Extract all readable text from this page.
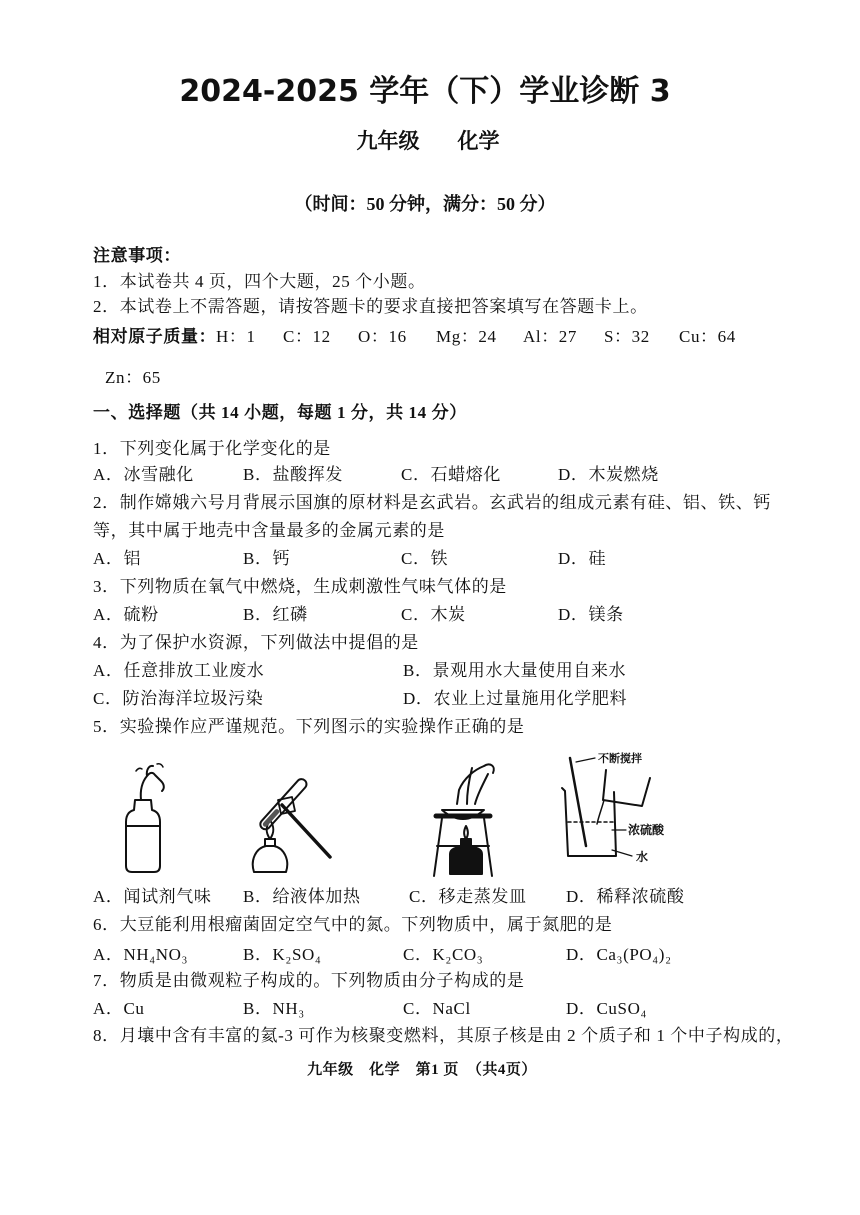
2024-2025 学年（下）学业诊断 3
九年级 化学
（时间：50 分钟，满分：50 分）
注意事项：
1．本试卷共 4 页，四个大题，25 个小题。
2．本试卷上不需答题，请按答题卡的要求直接把答案填写在答题卡上。
相对原子质量： H：1 C：12 O：16 Mg：24 Al：27 S：32 Cu：64
Zn：65
一、选择题（共 14 小题，每题 1 分，共 14 分）
1．下列变化属于化学变化的是
A．冰雪融化	B．盐酸挥发	C．石蜡熔化	D．木炭燃烧
2．制作嫦娥六号月背展示国旗的原材料是玄武岩。玄武岩的组成元素有硅、铝、铁、钙
等，其中属于地壳中含量最多的金属元素的是
A．铝	B．钙	C．铁	D．硅
3．下列物质在氧气中燃烧，生成刺激性气味气体的是
A．硫粉	B．红磷	C．木炭	D．镁条
4．为了保护水资源，下列做法中提倡的是
A．任意排放工业废水	B．景观用水大量使用自来水
C．防治海洋垃圾污染	D．农业上过量施用化学肥料
5．实验操作应严谨规范。下列图示的实验操作正确的是
不断搅拌
浓硫酸
水
A．闻试剂气味 B．给液体加热	C．移走蒸发皿 D．稀释浓硫酸
6．大豆能利用根瘤菌固定空气中的氮。下列物质中，属于氮肥的是
A．NH₄NO₃	B．K₂SO₄	C．K₂CO₃	D．Ca₃(PO₄)₂
7．物质是由微观粒子构成的。下列物质由分子构成的是
A．Cu	B．NH₃	C．NaCl	D．CuSO₄
8．月壤中含有丰富的氦-3 可作为核聚变燃料，其原子核是由 2 个质子和 1 个中子构成的，
九年级　化学　第1 页　（共4页）
